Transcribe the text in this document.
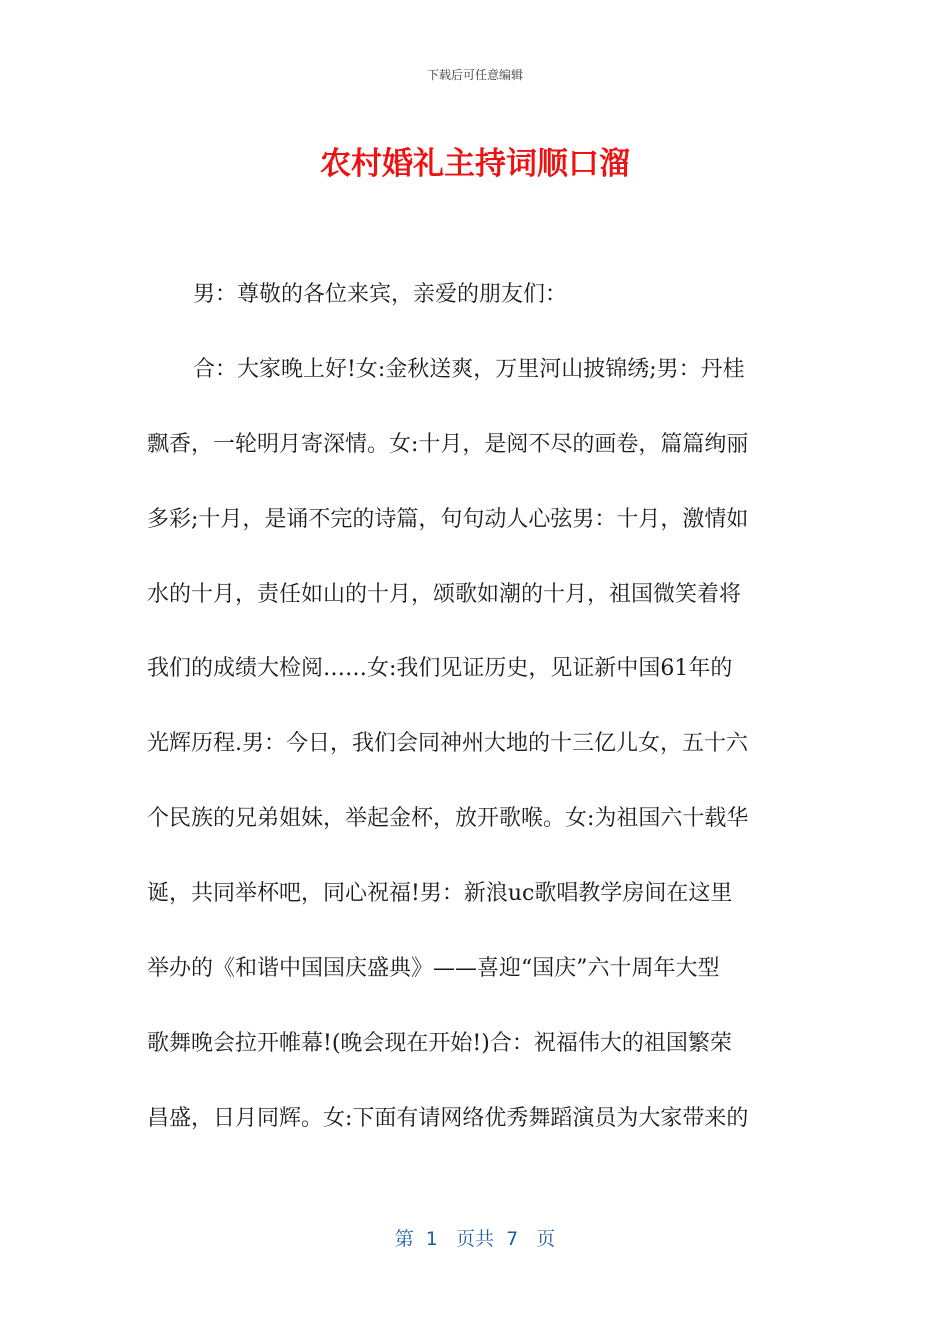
下载后可任意编辑
农村婚礼主持词顺口溜
男：尊敬的各位来宾，亲爱的朋友们：
合：大家晚上好!女:金秋送爽，万里河山披锦绣;男：丹桂
飘香，一轮明月寄深情。女:十月，是阅不尽的画卷，篇篇绚丽
多彩;十月，是诵不完的诗篇，句句动人心弦男：十月，激情如
水的十月，责任如山的十月，颂歌如潮的十月，祖国微笑着将
我们的成绩大检阅……女:我们见证历史，见证新中国61年的
光辉历程.男：今日，我们会同神州大地的十三亿儿女，五十六
个民族的兄弟姐妹，举起金杯，放开歌喉。女:为祖国六十载华
诞，共同举杯吧，同心祝福!男：新浪uc歌唱教学房间在这里
举办的《和谐中国国庆盛典》——喜迎“国庆”六十周年大型
歌舞晚会拉开帷幕!(晚会现在开始!)合：祝福伟大的祖国繁荣
昌盛，日月同辉。女:下面有请网络优秀舞蹈演员为大家带来的
第  1   页共  7   页
